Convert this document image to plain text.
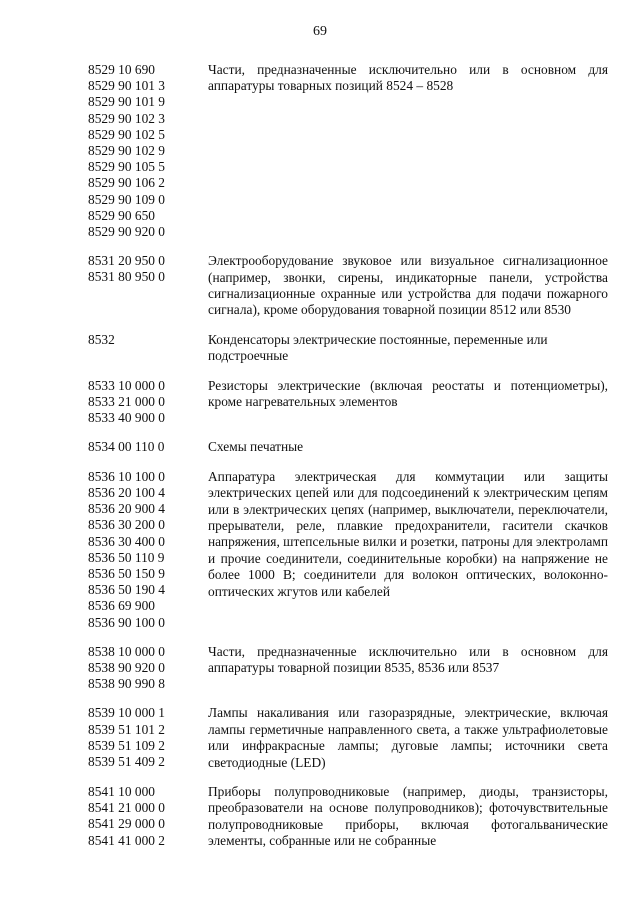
69
8529 10 690
8529 90 101 3
8529 90 101 9
8529 90 102 3
8529 90 102 5
8529 90 102 9
8529 90 105 5
8529 90 106 2
8529 90 109 0
8529 90 650
8529 90 920 0
Части, предназначенные исключительно или в основном для аппаратуры товарных позиций 8524 – 8528
8531 20 950 0
8531 80 950 0
Электрооборудование звуковое или визуальное сигнализационное (например, звонки, сирены, индикаторные панели, устройства сигнализационные охранные или устройства для подачи пожарного сигнала), кроме оборудования товарной позиции 8512 или 8530
8532	Конденсаторы электрические постоянные, переменные или подстроечные
8533 10 000 0
8533 21 000 0
8533 40 900 0
Резисторы электрические (включая реостаты и потенциометры), кроме нагревательных элементов
8534 00 110 0	Схемы печатные
8536 10 100 0
8536 20 100 4
8536 20 900 4
8536 30 200 0
8536 30 400 0
8536 50 110 9
8536 50 150 9
8536 50 190 4
8536 69 900
8536 90 100 0
Аппаратура электрическая для коммутации или защиты электрических цепей или для подсоединений к электрическим цепям или в электрических цепях (например, выключатели, переключатели, прерыватели, реле, плавкие предохранители, гасители скачков напряжения, штепсельные вилки и розетки, патроны для электроламп и прочие соединители, соединительные коробки) на напряжение не более 1000 В; соединители для волокон оптических, волоконно-оптических жгутов или кабелей
8538 10 000 0
8538 90 920 0
8538 90 990 8
Части, предназначенные исключительно или в основном для аппаратуры товарной позиции 8535, 8536 или 8537
8539 10 000 1
8539 51 101 2
8539 51 109 2
8539 51 409 2
Лампы накаливания или газоразрядные, электрические, включая лампы герметичные направленного света, а также ультрафиолетовые или инфракрасные лампы; дуговые лампы; источники света светодиодные (LED)
8541 10 000
8541 21 000 0
8541 29 000 0
8541 41 000 2
Приборы полупроводниковые (например, диоды, транзисторы, преобразователи на основе полупроводников); фоточувствительные полупроводниковые приборы, включая фотогальванические элементы, собранные или не собранные
